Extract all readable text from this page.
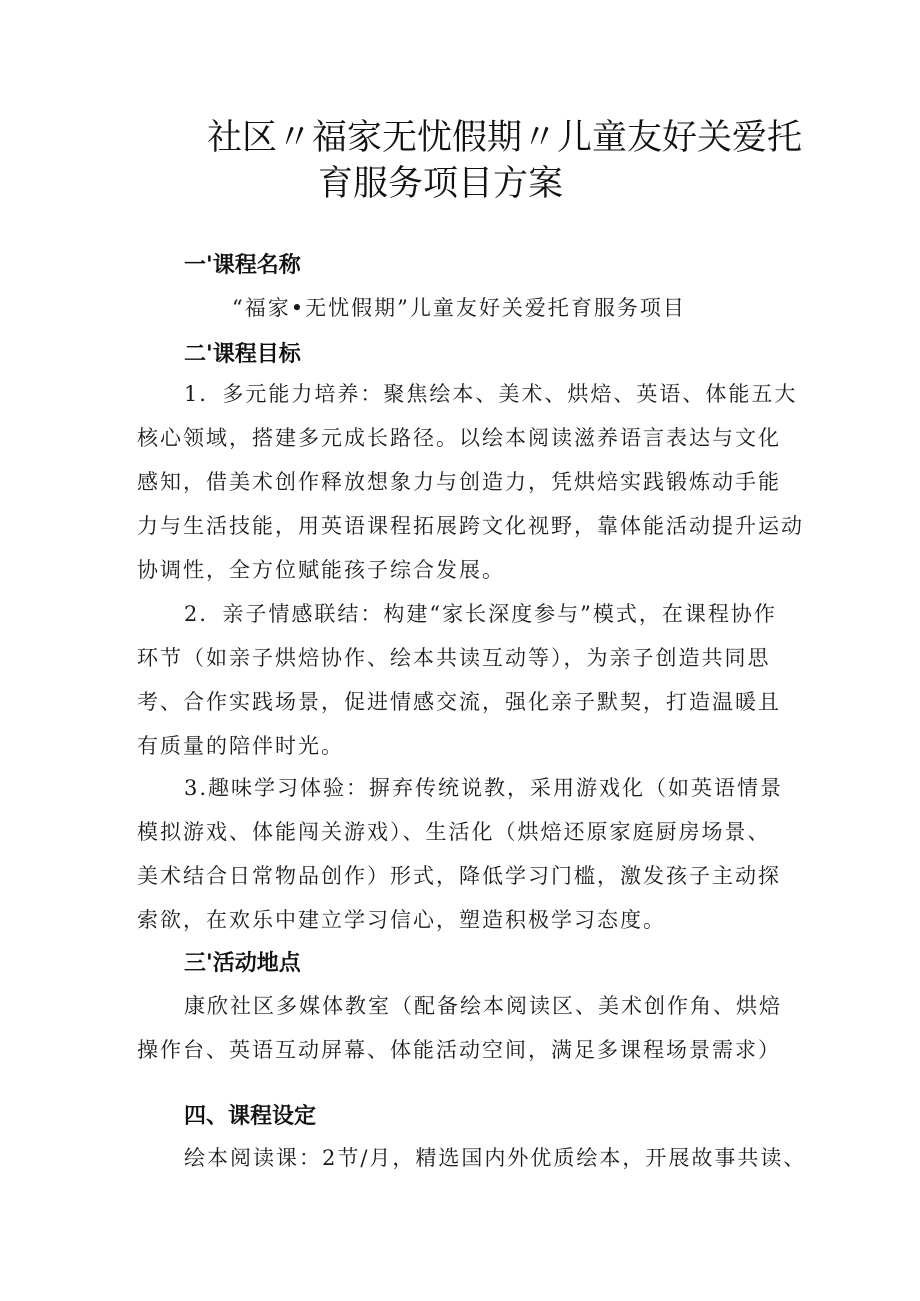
社区〃福家无忧假期〃儿童友好关爱托
育服务项目方案
一'课程名称
“福家•无忧假期”儿童友好关爱托育服务项目
二'课程目标
1．多元能力培养：聚焦绘本、美术、烘焙、英语、体能五大
核心领域，搭建多元成长路径。以绘本阅读滋养语言表达与文化
感知，借美术创作释放想象力与创造力，凭烘焙实践锻炼动手能
力与生活技能，用英语课程拓展跨文化视野，靠体能活动提升运动
协调性，全方位赋能孩子综合发展。
2．亲子情感联结：构建“家长深度参与”模式，在课程协作
环节（如亲子烘焙协作、绘本共读互动等），为亲子创造共同思
考、合作实践场景，促进情感交流，强化亲子默契，打造温暖且
有质量的陪伴时光。
3.趣味学习体验：摒弃传统说教，采用游戏化（如英语情景
模拟游戏、体能闯关游戏）、生活化（烘焙还原家庭厨房场景、
美术结合日常物品创作）形式，降低学习门槛，激发孩子主动探
索欲，在欢乐中建立学习信心，塑造积极学习态度。
三'活动地点
康欣社区多媒体教室（配备绘本阅读区、美术创作角、烘焙
操作台、英语互动屏幕、体能活动空间，满足多课程场景需求）
四、课程设定
绘本阅读课：2节/月，精选国内外优质绘本，开展故事共读、
